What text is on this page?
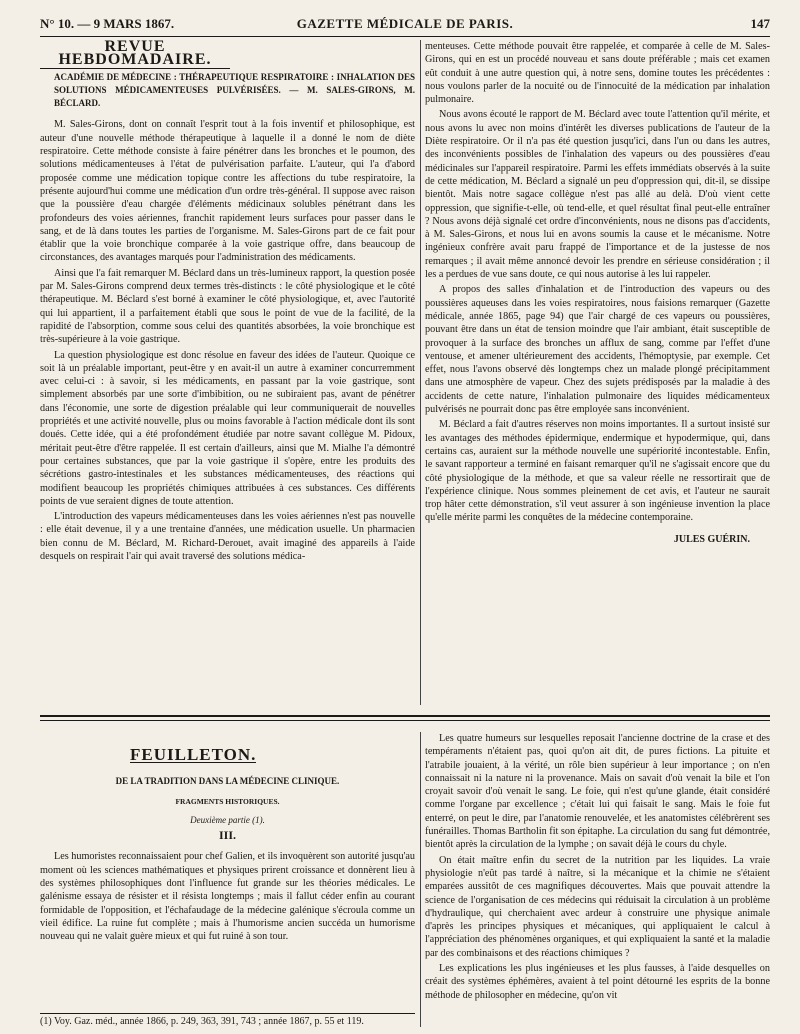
N° 10. — 9 MARS 1867.	GAZETTE MÉDICALE DE PARIS.	147

REVUE HEBDOMADAIRE.

ACADÉMIE DE MÉDECINE : THÉRAPEUTIQUE RESPIRATOIRE : INHALATION DES SOLUTIONS MÉDICAMENTEUSES PULVÉRISÉES. — M. SALES-GIRONS, M. BÉCLARD.

M. Sales-Girons, dont on connaît l'esprit tout à la fois inventif et philosophique, est auteur d'une nouvelle méthode thérapeutique à laquelle il a donné le nom de diète respiratoire. Cette méthode consiste à faire pénétrer dans les bronches et le poumon, des solutions médicamenteuses à l'état de pulvérisation parfaite. L'auteur, qui l'a d'abord proposée comme une médication topique contre les affections du tube respiratoire, la présente aujourd'hui comme une médication d'un ordre très-général. Il suppose avec raison que la poussière d'eau chargée d'éléments médicinaux solubles pénétrant dans les profondeurs des voies aériennes, franchit rapidement leurs surfaces pour passer dans le sang, et de là dans toutes les parties de l'organisme. M. Sales-Girons part de ce fait pour établir que la voie bronchique comparée à la voie gastrique offre, dans beaucoup de circonstances, des avantages marqués pour l'administration des médicaments.

Ainsi que l'a fait remarquer M. Béclard dans un très-lumineux rapport, la question posée par M. Sales-Girons comprend deux termes très-distincts : le côté physiologique et le côté thérapeutique. M. Béclard s'est borné à examiner le côté physiologique, et, avec l'autorité qui lui appartient, il a parfaitement établi que sous le point de vue de la facilité, de la rapidité de l'absorption, comme sous celui des quantités absorbées, la voie bronchique est très-supérieure à la voie gastrique.

La question physiologique est donc résolue en faveur des idées de l'auteur. Quoique ce soit là un préalable important, peut-être y en avait-il un autre à examiner concurremment avec celui-ci : à savoir, si les médicaments, en passant par la voie gastrique, sont simplement absorbés par une sorte d'imbibition, ou ne subiraient pas, avant de pénétrer dans l'économie, une sorte de digestion préalable qui leur communiquerait de nouvelles propriétés et une activité nouvelle, plus ou moins favorable à l'action médicale dont ils sont doués. Cette idée, qui a été profondément étudiée par notre savant collègue M. Pidoux, méritait peut-être d'être rappelée. Il est certain d'ailleurs, ainsi que M. Mialhe l'a démontré pour certaines substances, que par la voie gastrique il s'opère, entre les produits des sécrétions gastro-intestinales et les substances médicamenteuses, des réactions qui modifient beaucoup les propriétés chimiques attribuées à ces substances. Ces différents points de vue seraient dignes de toute attention.

L'introduction des vapeurs médicamenteuses dans les voies aériennes n'est pas nouvelle : elle était devenue, il y a une trentaine d'années, une médication usuelle. Un pharmacien bien connu de M. Béclard, M. Richard-Derouet, avait imaginé des appareils à l'aide desquels on respirait l'air qui avait traversé des solutions médica-

menteuses. Cette méthode pouvait être rappelée, et comparée à celle de M. Sales-Girons, qui en est un procédé nouveau et sans doute préférable ; mais cet examen eût conduit à une autre question qui, à notre sens, domine toutes les précédentes : nous voulons parler de la nocuité ou de l'innocuité de la médication par inhalation pulmonaire.

Nous avons écouté le rapport de M. Béclard avec toute l'attention qu'il mérite, et nous avons lu avec non moins d'intérêt les diverses publications de l'auteur de la Diète respiratoire. Or il n'a pas été question jusqu'ici, dans l'un ou dans les autres, des inconvénients possibles de l'inhalation des vapeurs ou des poussières d'eau médicinales sur l'appareil respiratoire. Parmi les effets immédiats observés à la suite de cette médication, M. Béclard a signalé un peu d'oppression qui, dit-il, se dissipe bientôt. Mais notre sagace collègue n'est pas allé au delà. D'où vient cette oppression, que signifie-t-elle, où tend-elle, et quel résultat final peut-elle entraîner ? Nous avons déjà signalé cet ordre d'inconvénients, nous ne disons pas d'accidents, à M. Sales-Girons, et nous lui en avons soumis la cause et le mécanisme. Notre ingénieux confrère avait paru frappé de l'importance et de la justesse de nos remarques ; il avait même annoncé devoir les prendre en sérieuse considération ; il les a perdues de vue sans doute, ce qui nous autorise à les lui rappeler.

A propos des salles d'inhalation et de l'introduction des vapeurs ou des poussières aqueuses dans les voies respiratoires, nous faisions remarquer (Gazette médicale, année 1865, page 94) que l'air chargé de ces vapeurs ou poussières, pouvant être dans un état de tension moindre que l'air ambiant, était susceptible de provoquer à la surface des bronches un afflux de sang, comme par l'effet d'une ventouse, et amener ultérieurement des accidents, l'hémoptysie, par exemple. Cet effet, nous l'avons observé dès longtemps chez un malade plongé précipitamment dans une atmosphère de vapeur. Chez des sujets prédisposés par la maladie à des accidents de cette nature, l'inhalation pulmonaire des liquides médicamenteux pulvérisés ne pourrait donc pas être employée sans inconvénient.

M. Béclard a fait d'autres réserves non moins importantes. Il a surtout insisté sur les avantages des méthodes épidermique, endermique et hypodermique, qui, dans certains cas, auraient sur la méthode nouvelle une supériorité incontestable. Enfin, le savant rapporteur a terminé en faisant remarquer qu'il ne s'agissait encore que du côté physiologique de la méthode, et que sa valeur réelle ne ressortirait que de l'expérience clinique. Nous sommes pleinement de cet avis, et l'auteur ne saurait trop hâter cette démonstration, s'il veut assurer à son ingénieuse invention la place qu'elle mérite parmi les conquêtes de la médecine contemporaine.

JULES GUÉRIN.

FEUILLETON.

DE LA TRADITION DANS LA MÉDECINE CLINIQUE.

FRAGMENTS HISTORIQUES.

Deuxième partie (1).

III.

Les humoristes reconnaissaient pour chef Galien, et ils invoquèrent son autorité jusqu'au moment où les sciences mathématiques et physiques prirent croissance et donnèrent lieu à des systèmes philosophiques dont l'influence fut grande sur les théories médicales. Le galénisme essaya de résister et il résista longtemps ; mais il fallut céder enfin au courant formidable de l'opposition, et l'échafaudage de la médecine galénique s'écroula comme un vieil édifice. La ruine fut complète ; mais à l'humorisme ancien succéda un humorisme nouveau qui ne valait guère mieux et qui fut ruiné à son tour.

Les quatre humeurs sur lesquelles reposait l'ancienne doctrine de la crase et des tempéraments n'étaient pas, quoi qu'on ait dit, de pures fictions. La pituite et l'atrabile jouaient, à la vérité, un rôle bien supérieur à leur importance ; on n'en connaissait ni la nature ni la provenance. Mais on savait d'où venait la bile et l'on croyait savoir d'où venait le sang. Le foie, qui n'est qu'une glande, était considéré comme l'organe par excellence ; c'était lui qui faisait le sang. Mais le foie fut enterré, on peut le dire, par l'anatomie renouvelée, et les anatomistes célébrèrent ses funérailles. Thomas Bartholin fit son épitaphe. La circulation du sang fut démontrée, bientôt après la circulation de la lymphe ; on savait déjà le cours du chyle.

On était maître enfin du secret de la nutrition par les liquides. La vraie physiologie n'eût pas tardé à naître, si la mécanique et la chimie ne s'étaient emparées aussitôt de ces magnifiques découvertes. Mais que pouvait attendre la science de l'organisation de ces médecins qui réduisait la circulation à un problème d'hydraulique, qui cherchaient avec ardeur à construire une physique animale d'après les principes physiques et mécaniques, qui appliquaient le calcul à l'appréciation des phénomènes organiques, et qui expliquaient la santé et la maladie par des combinaisons et des réactions chimiques ?

Les explications les plus ingénieuses et les plus fausses, à l'aide desquelles on créait des systèmes éphémères, avaient à tel point détourné les esprits de la bonne méthode de philosopher en médecine, qu'on vit

(1) Voy. Gaz. méd., année 1866, p. 249, 363, 391, 743 ; année 1867, p. 55 et 119.
